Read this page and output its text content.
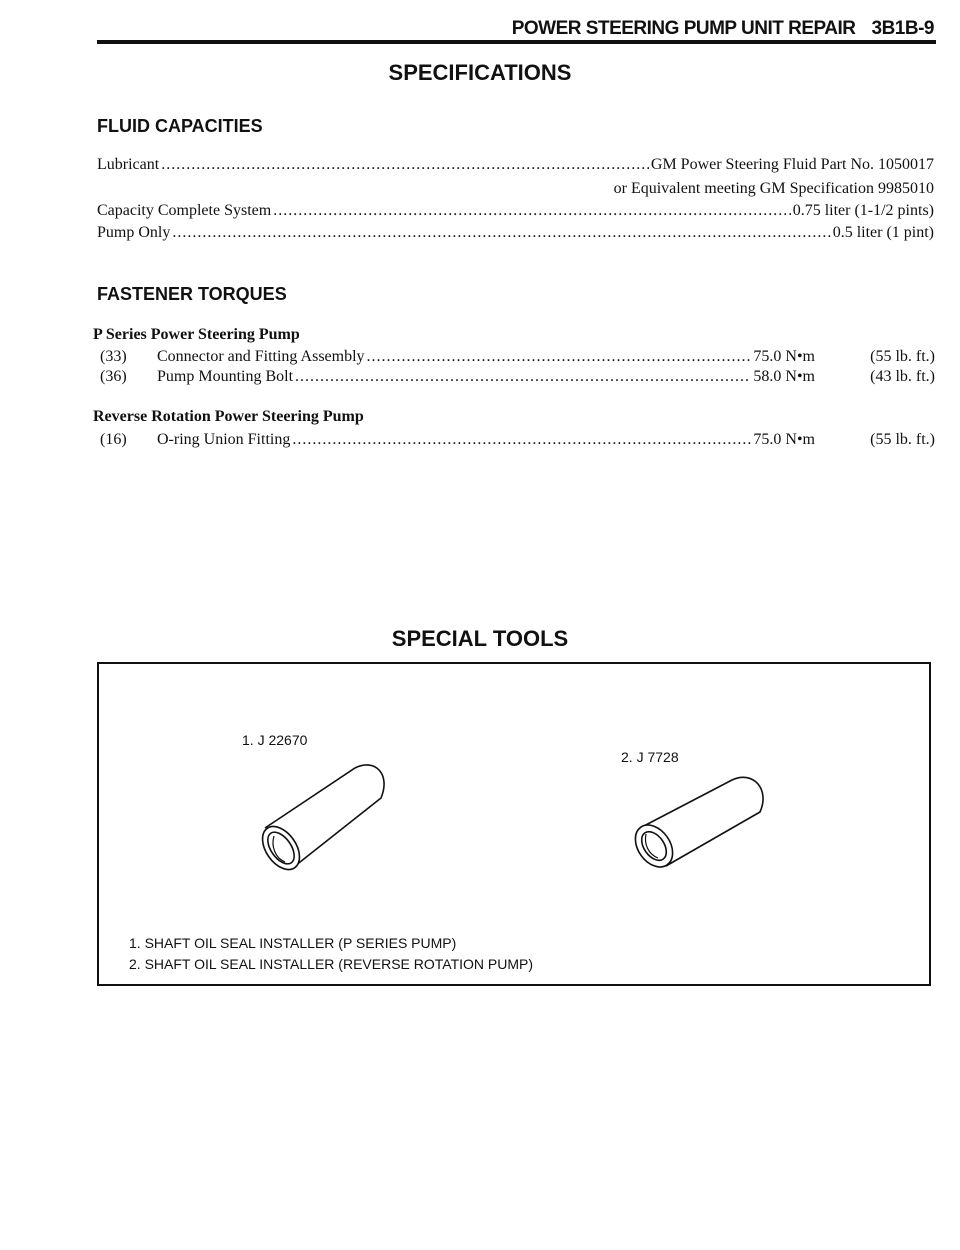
POWER STEERING PUMP UNIT REPAIR 3B1B-9
SPECIFICATIONS
FLUID CAPACITIES
Lubricant .....	GM Power Steering Fluid Part No. 1050017
or Equivalent meeting GM Specification 9985010
Capacity Complete System .....	0.75 liter (1-1/2 pints)
Pump Only .....	0.5 liter (1 pint)
FASTENER TORQUES
P Series Power Steering Pump
(33) Connector and Fitting Assembly .....	75.0 N•m	(55 lb. ft.)
(36) Pump Mounting Bolt .....	58.0 N•m	(43 lb. ft.)
Reverse Rotation Power Steering Pump
(16) O-ring Union Fitting .....	75.0 N•m	(55 lb. ft.)
SPECIAL TOOLS
1. J 22670
2. J 7728
1. SHAFT OIL SEAL INSTALLER (P SERIES PUMP)
2. SHAFT OIL SEAL INSTALLER (REVERSE ROTATION PUMP)
